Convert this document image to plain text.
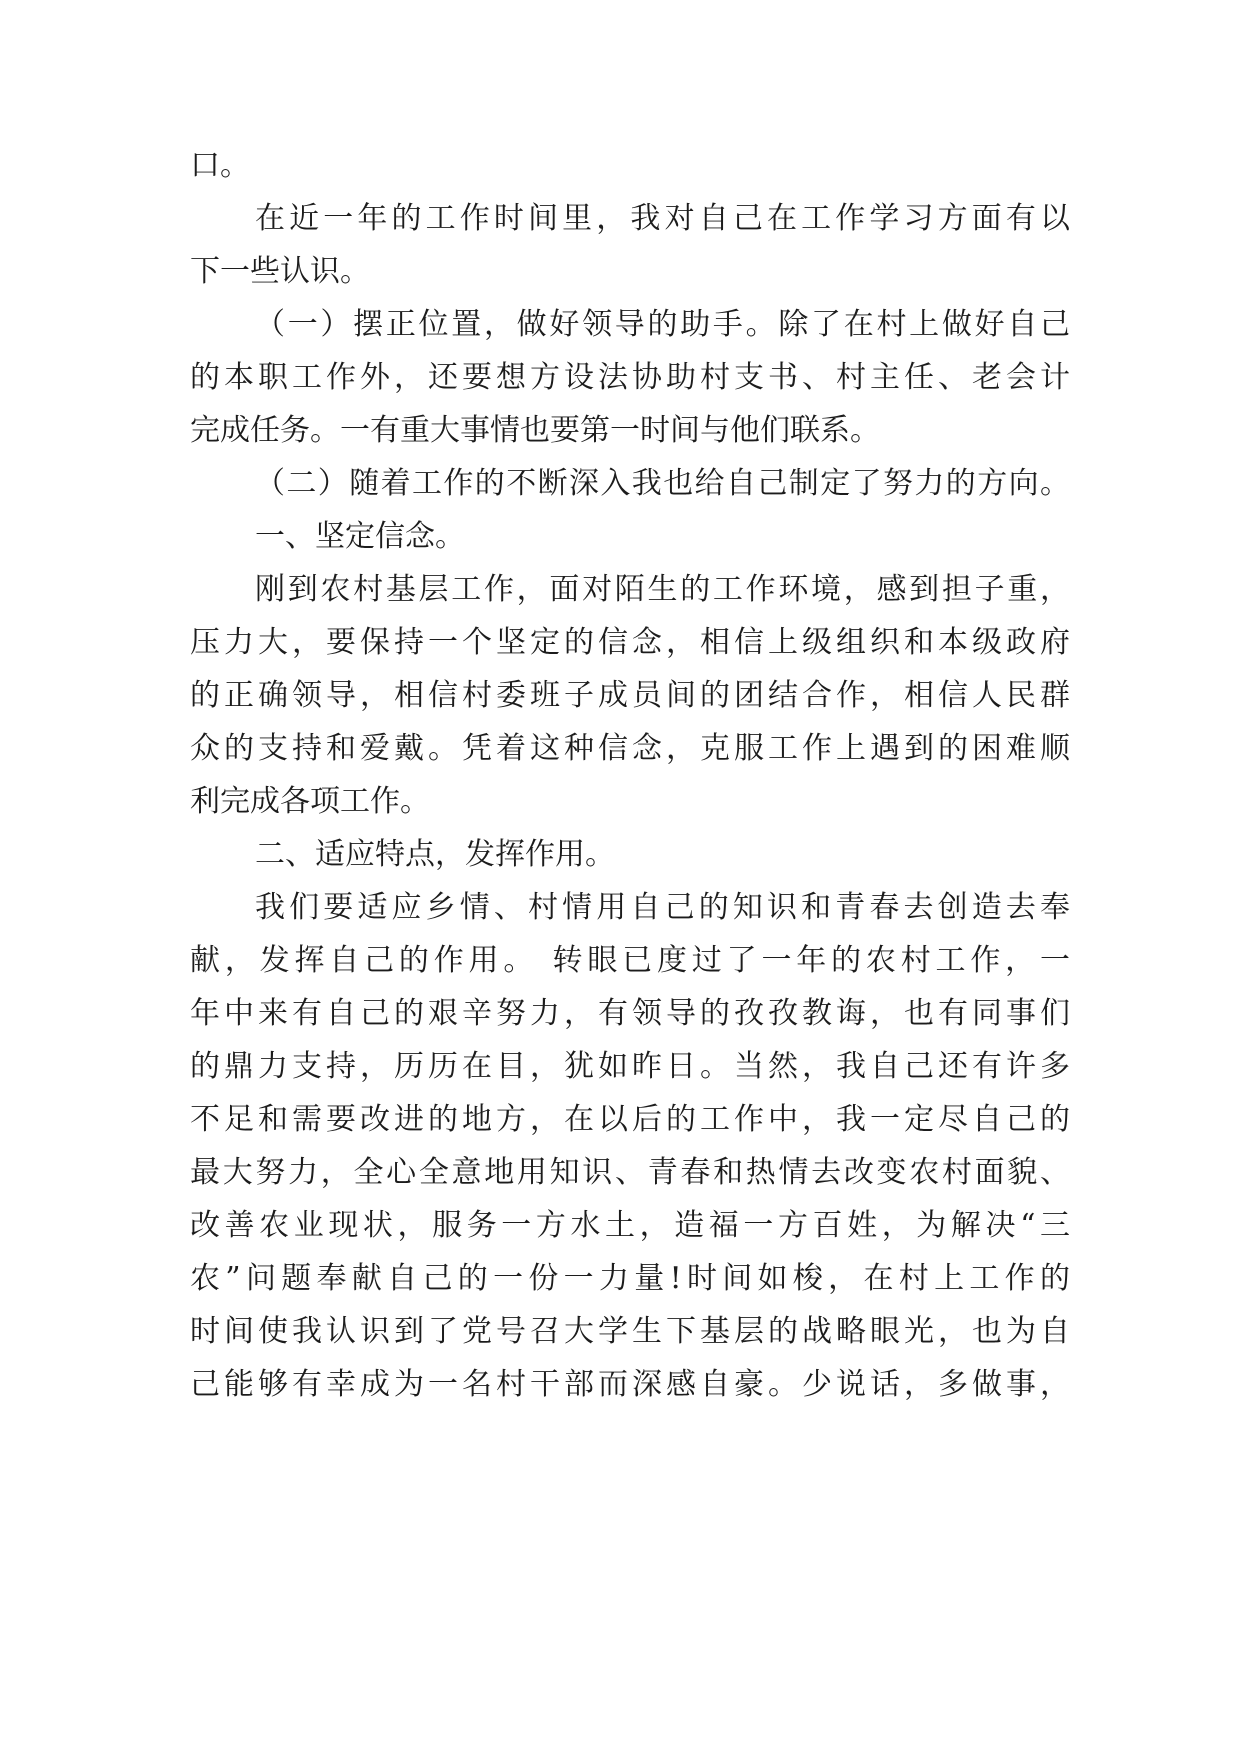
口。
在近一年的工作时间里，我对自己在工作学习方面有以
下一些认识。
（一）摆正位置，做好领导的助手。除了在村上做好自己
的本职工作外，还要想方设法协助村支书、村主任、老会计
完成任务。一有重大事情也要第一时间与他们联系。
（二）随着工作的不断深入我也给自己制定了努力的方向。
一、坚定信念。
刚到农村基层工作，面对陌生的工作环境，感到担子重，
压力大，要保持一个坚定的信念，相信上级组织和本级政府
的正确领导，相信村委班子成员间的团结合作，相信人民群
众的支持和爱戴。凭着这种信念，克服工作上遇到的困难顺
利完成各项工作。
二、适应特点，发挥作用。
我们要适应乡情、村情用自己的知识和青春去创造去奉
献，发挥自己的作用。 转眼已度过了一年的农村工作，一
年中来有自己的艰辛努力，有领导的孜孜教诲，也有同事们
的鼎力支持，历历在目，犹如昨日。当然，我自己还有许多
不足和需要改进的地方，在以后的工作中，我一定尽自己的
最大努力，全心全意地用知识、青春和热情去改变农村面貌、
改善农业现状，服务一方水土，造福一方百姓，为解决“三
农”问题奉献自己的一份一力量!时间如梭，在村上工作的
时间使我认识到了党号召大学生下基层的战略眼光，也为自
己能够有幸成为一名村干部而深感自豪。少说话，多做事，
